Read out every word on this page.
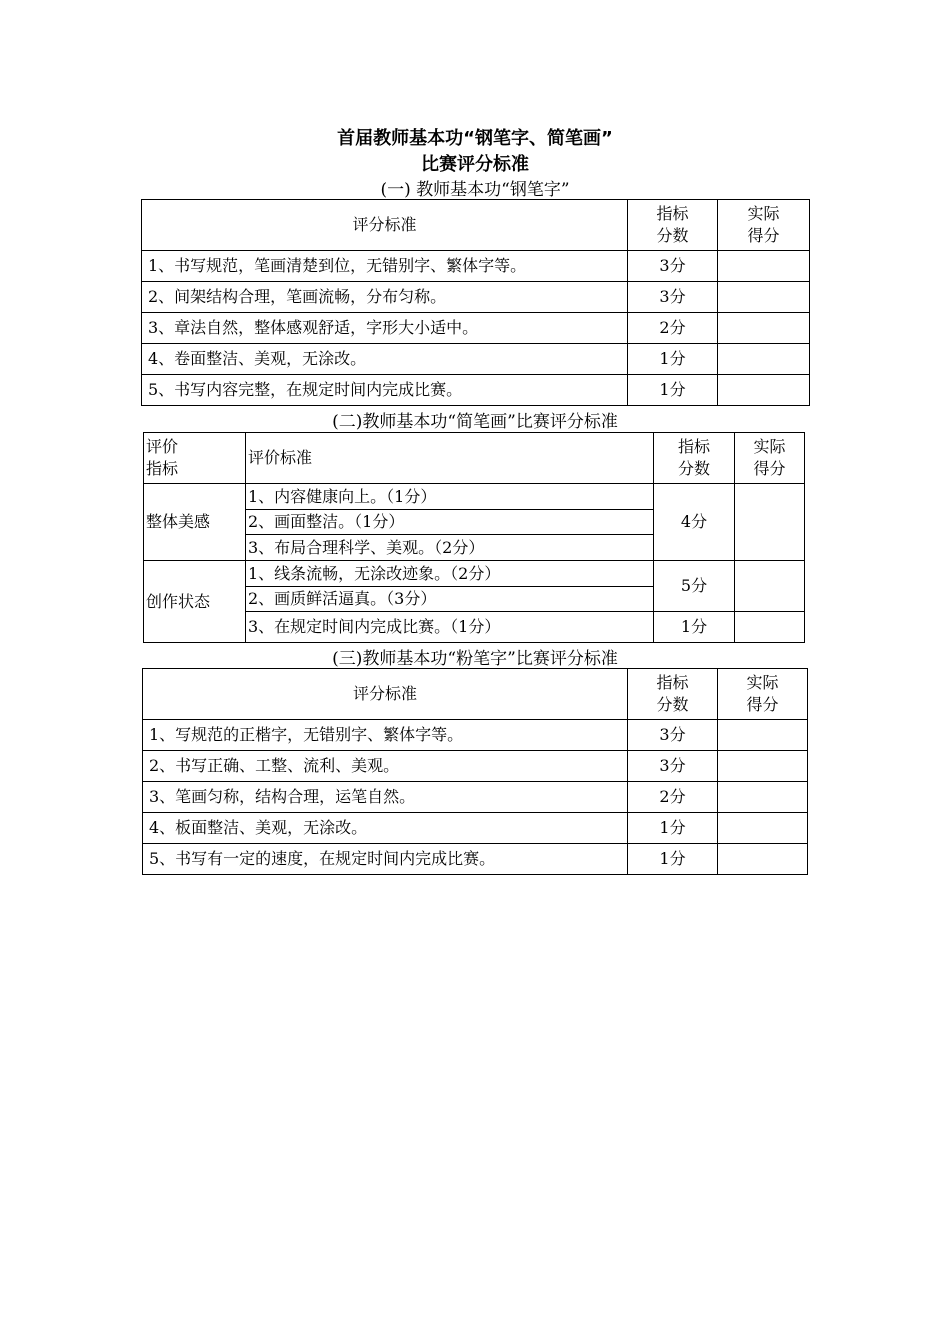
首届教师基本功“钢笔字、简笔画”
比赛评分标准
(一) 教师基本功“钢笔字”
评分标准	指标
分数	实际
得分
1、书写规范，笔画清楚到位，无错别字、繁体字等。	3分	
2、间架结构合理，笔画流畅，分布匀称。	3分	
3、章法自然，整体感观舒适，字形大小适中。	2分	
4、卷面整洁、美观，无涂改。	1分	
5、书写内容完整，在规定时间内完成比赛。	1分	
(二)教师基本功“简笔画”比赛评分标准
评价
指标	评价标准	指标
分数	实际
得分
整体美感	1、内容健康向上。（1分）	4分	
	2、画面整洁。（1分）		
	3、布局合理科学、美观。（2分）		
创作状态	1、线条流畅，无涂改迹象。（2分）	5分	
	2、画质鲜活逼真。（3分）		
	3、在规定时间内完成比赛。（1分）	1分	
(三)教师基本功“粉笔字”比赛评分标准
评分标准	指标
分数	实际
得分
1、写规范的正楷字，无错别字、繁体字等。	3分	
2、书写正确、工整、流利、美观。	3分	
3、笔画匀称，结构合理，运笔自然。	2分	
4、板面整洁、美观，无涂改。	1分	
5、书写有一定的速度，在规定时间内完成比赛。	1分	
